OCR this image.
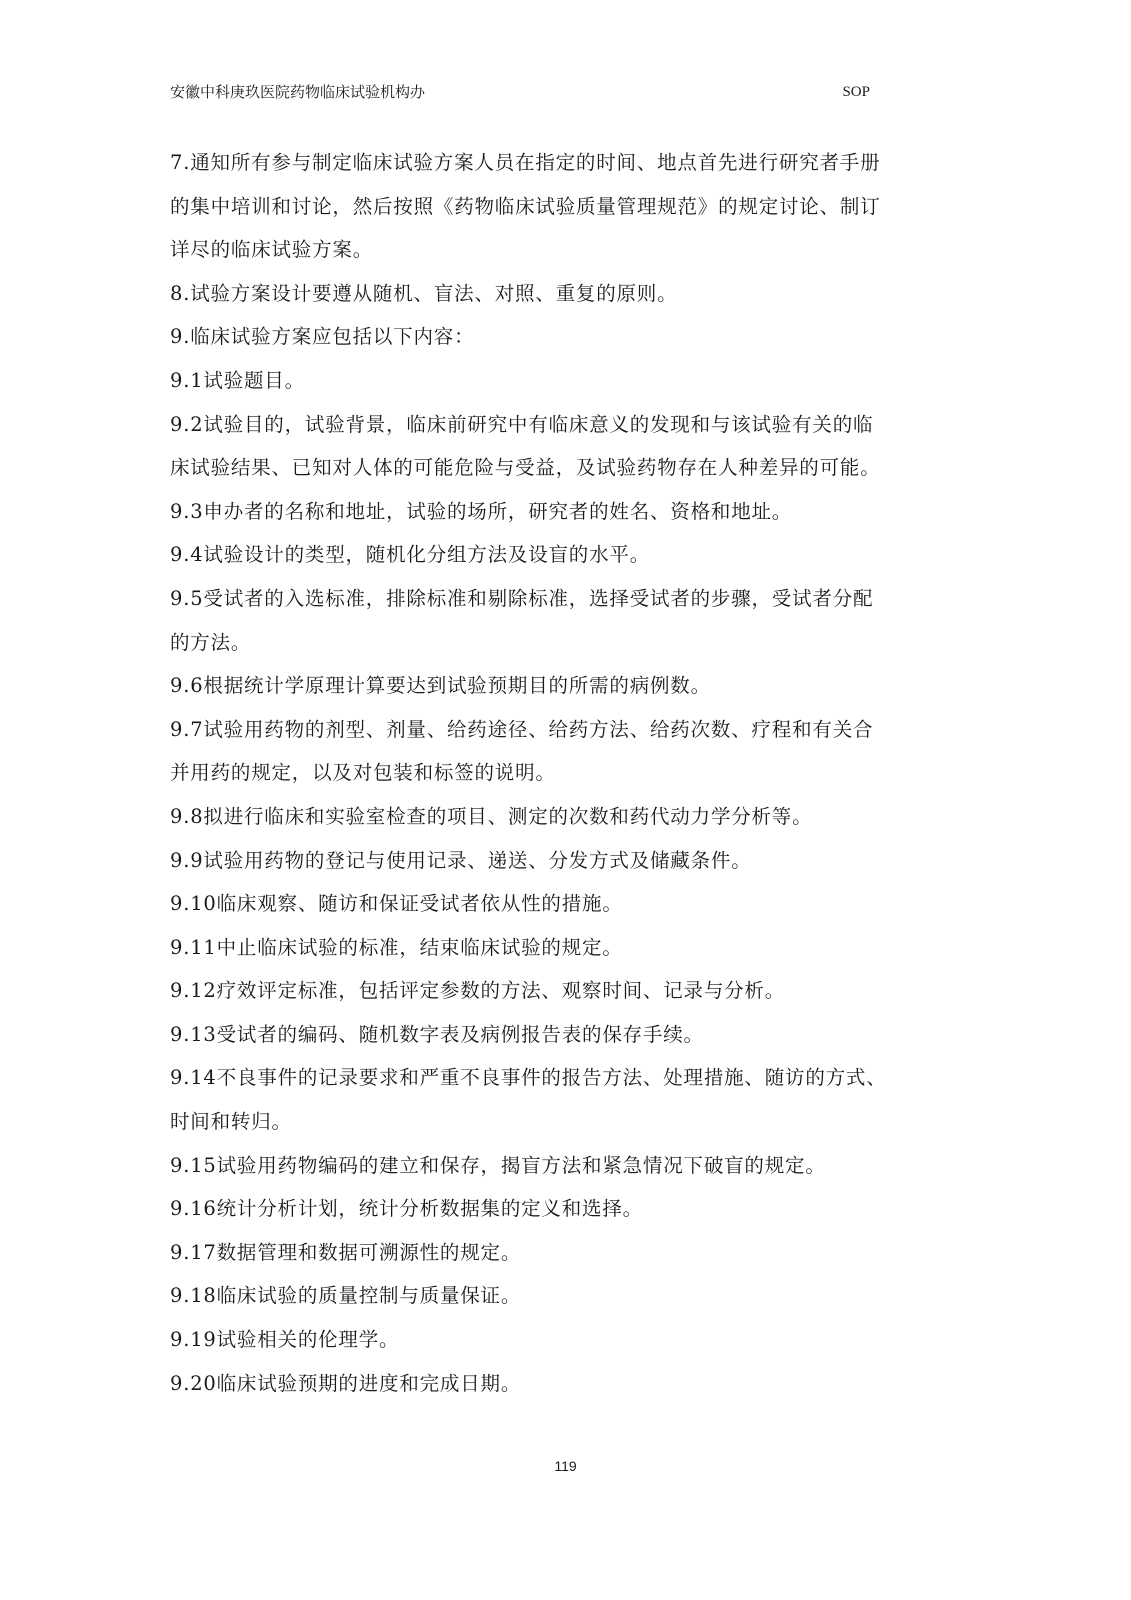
安徽中科庚玖医院药物临床试验机构办	SOP

7.通知所有参与制定临床试验方案人员在指定的时间、地点首先进行研究者手册

的集中培训和讨论，然后按照《药物临床试验质量管理规范》的规定讨论、制订

详尽的临床试验方案。

8.试验方案设计要遵从随机、盲法、对照、重复的原则。

9.临床试验方案应包括以下内容：

9.1试验题目。

9.2试验目的，试验背景，临床前研究中有临床意义的发现和与该试验有关的临

床试验结果、已知对人体的可能危险与受益，及试验药物存在人种差异的可能。

9.3申办者的名称和地址，试验的场所，研究者的姓名、资格和地址。

9.4试验设计的类型，随机化分组方法及设盲的水平。

9.5受试者的入选标准，排除标准和剔除标准，选择受试者的步骤，受试者分配

的方法。

9.6根据统计学原理计算要达到试验预期目的所需的病例数。

9.7试验用药物的剂型、剂量、给药途径、给药方法、给药次数、疗程和有关合

并用药的规定，以及对包装和标签的说明。

9.8拟进行临床和实验室检查的项目、测定的次数和药代动力学分析等。

9.9试验用药物的登记与使用记录、递送、分发方式及储藏条件。

9.10临床观察、随访和保证受试者依从性的措施。

9.11中止临床试验的标准，结束临床试验的规定。

9.12疗效评定标准，包括评定参数的方法、观察时间、记录与分析。

9.13受试者的编码、随机数字表及病例报告表的保存手续。

9.14不良事件的记录要求和严重不良事件的报告方法、处理措施、随访的方式、

时间和转归。

9.15试验用药物编码的建立和保存，揭盲方法和紧急情况下破盲的规定。

9.16统计分析计划，统计分析数据集的定义和选择。

9.17数据管理和数据可溯源性的规定。

9.18临床试验的质量控制与质量保证。

9.19试验相关的伦理学。

9.20临床试验预期的进度和完成日期。

119
